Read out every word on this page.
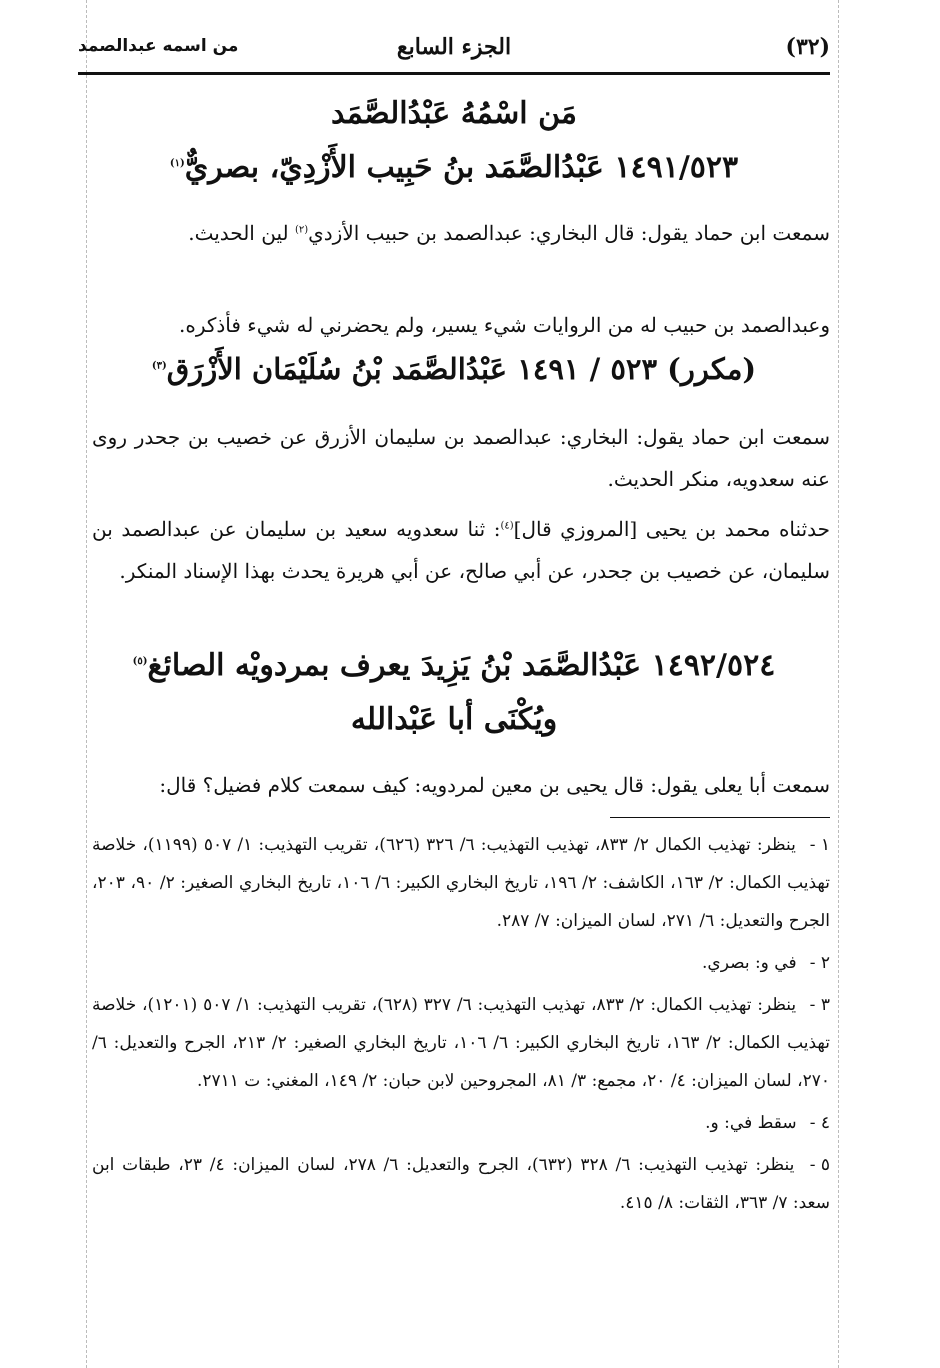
(٣٢)
الجزء السابع
من اسمه عبدالصمد
مَن اسْمُهُ عَبْدُالصَّمَد
١٤٩١/٥٢٣ عَبْدُالصَّمَد بنُ حَبِيب الأَزْدِيّ، بصريٌّ$^{(١)}$
سمعت ابن حماد يقول: قال البخاري: عبدالصمد بن حبيب الأزدي$^{(٢)}$ لين الحديث.
وعبدالصمد بن حبيب له من الروايات شيء يسير، ولم يحضرني له شيء فأذكره.
(مكرر) ٥٢٣ / ١٤٩١ عَبْدُالصَّمَد بْنُ سُلَيْمَان الأَزْرَق$^{(٣)}$
سمعت ابن حماد يقول: البخاري: عبدالصمد بن سليمان الأزرق عن خصيب بن جحدر روى عنه سعدويه، منكر الحديث.
حدثناه محمد بن يحيى [المروزي قال]$^{(٤)}$: ثنا سعدويه سعيد بن سليمان عن عبدالصمد بن سليمان، عن خصيب بن جحدر، عن أبي صالح، عن أبي هريرة يحدث بهذا الإسناد المنكر.
١٤٩٢/٥٢٤ عَبْدُالصَّمَد بْنُ يَزِيدَ يعرف بمردويْه الصائغ$^{(٥)}$
ويُكْنَى أبا عَبْدالله
سمعت أبا يعلى يقول: قال يحيى بن معين لمردويه: كيف سمعت كلام فضيل؟ قال:
١ - ينظر: تهذيب الكمال ٢/ ٨٣٣، تهذيب التهذيب: ٦/ ٣٢٦ (٦٢٦)، تقريب التهذيب: ١/ ٥٠٧ (١١٩٩)، خلاصة تهذيب الكمال: ٢/ ١٦٣، الكاشف: ٢/ ١٩٦، تاريخ البخاري الكبير: ٦/ ١٠٦، تاريخ البخاري الصغير: ٢/ ٩٠، ٢٠٣، الجرح والتعديل: ٦/ ٢٧١، لسان الميزان: ٧/ ٢٨٧.
٢ - في و: بصري.
٣ - ينظر: تهذيب الكمال: ٢/ ٨٣٣، تهذيب التهذيب: ٦/ ٣٢٧ (٦٢٨)، تقريب التهذيب: ١/ ٥٠٧ (١٢٠١)، خلاصة تهذيب الكمال: ٢/ ١٦٣، تاريخ البخاري الكبير: ٦/ ١٠٦، تاريخ البخاري الصغير: ٢/ ٢١٣، الجرح والتعديل: ٦/ ٢٧٠، لسان الميزان: ٤/ ٢٠، مجمع: ٣/ ٨١، المجروحين لابن حبان: ٢/ ١٤٩، المغني: ت ٢٧١١.
٤ - سقط في: و.
٥ - ينظر: تهذيب التهذيب: ٦/ ٣٢٨ (٦٣٢)، الجرح والتعديل: ٦/ ٢٧٨، لسان الميزان: ٤/ ٢٣، طبقات ابن سعد: ٧/ ٣٦٣، الثقات: ٨/ ٤١٥.
